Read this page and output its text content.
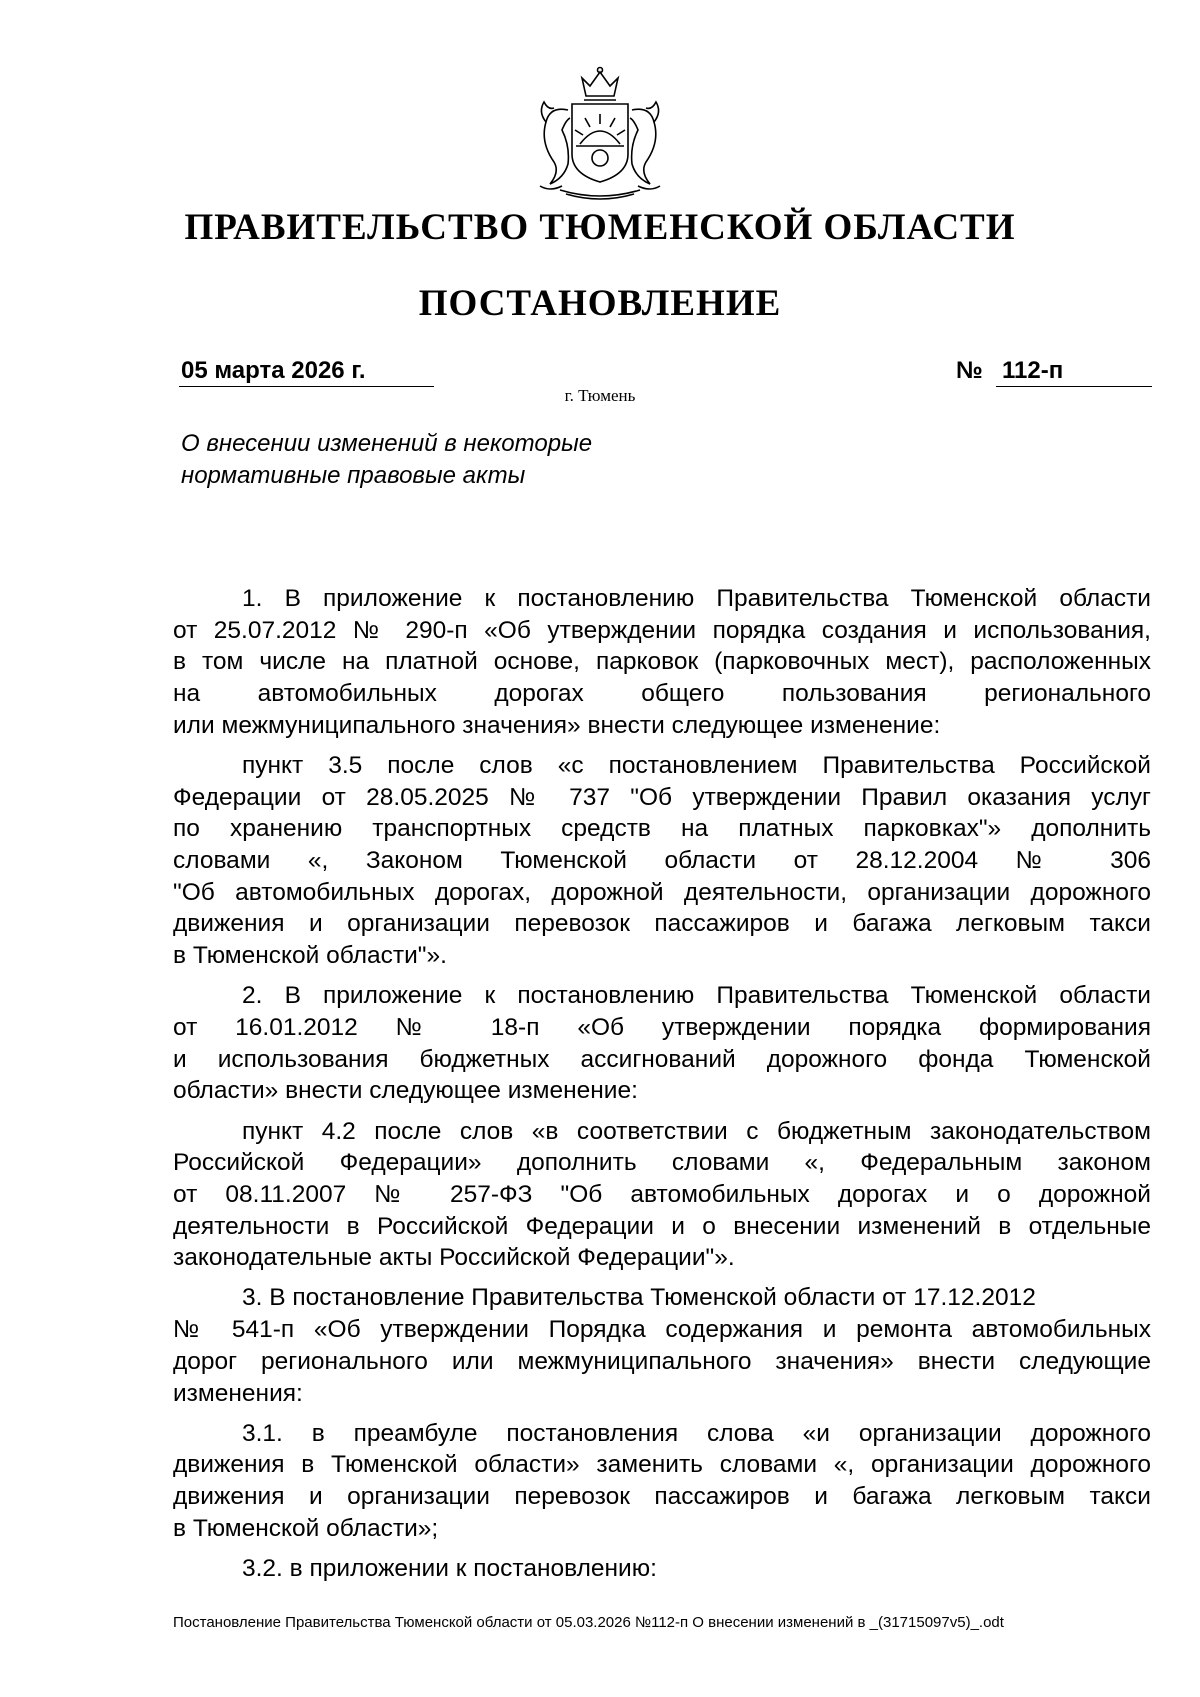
ПРАВИТЕЛЬСТВО ТЮМЕНСКОЙ ОБЛАСТИ
ПОСТАНОВЛЕНИЕ
05 марта 2026 г.	№ 112-п
г. Тюмень
О внесении изменений в некоторые
нормативные правовые акты
1. В приложение к постановлению Правительства Тюменской области
от 25.07.2012 № 290-п «Об утверждении порядка создания и использования,
в том числе на платной основе, парковок (парковочных мест), расположенных
на автомобильных дорогах общего пользования регионального
или межмуниципального значения» внести следующее изменение:
пункт 3.5 после слов «с постановлением Правительства Российской
Федерации от 28.05.2025 № 737 "Об утверждении Правил оказания услуг
по хранению транспортных средств на платных парковках"» дополнить
словами «, Законом Тюменской области от 28.12.2004 № 306
"Об автомобильных дорогах, дорожной деятельности, организации дорожного
движения и организации перевозок пассажиров и багажа легковым такси
в Тюменской области"».
2. В приложение к постановлению Правительства Тюменской области
от 16.01.2012 № 18-п «Об утверждении порядка формирования
и использования бюджетных ассигнований дорожного фонда Тюменской
области» внести следующее изменение:
пункт 4.2 после слов «в соответствии с бюджетным законодательством
Российской Федерации» дополнить словами «, Федеральным законом
от 08.11.2007 № 257-ФЗ "Об автомобильных дорогах и о дорожной
деятельности в Российской Федерации и о внесении изменений в отдельные
законодательные акты Российской Федерации"».
3. В постановление Правительства Тюменской области от 17.12.2012
№ 541-п «Об утверждении Порядка содержания и ремонта автомобильных
дорог регионального или межмуниципального значения» внести следующие
изменения:
3.1. в преамбуле постановления слова «и организации дорожного
движения в Тюменской области» заменить словами «, организации дорожного
движения и организации перевозок пассажиров и багажа легковым такси
в Тюменской области»;
3.2. в приложении к постановлению:
Постановление Правительства Тюменской области от 05.03.2026 №112-п О внесении изменений в _(31715097v5)_.odt
